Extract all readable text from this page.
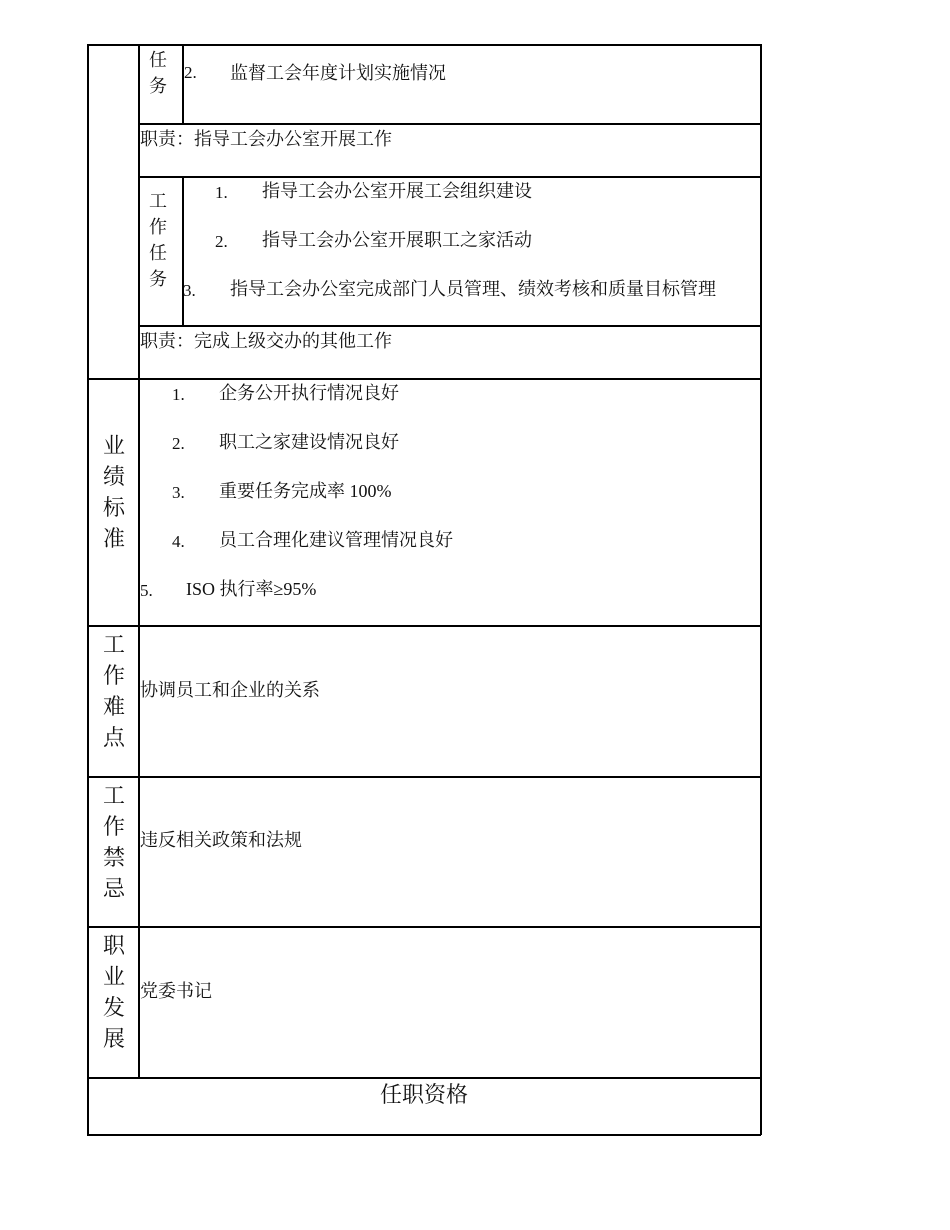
任务
2. 监督工会年度计划实施情况
职责：指导工会办公室开展工作
工作任务
1. 指导工会办公室开展工会组织建设
2. 指导工会办公室开展职工之家活动
3. 指导工会办公室完成部门人员管理、绩效考核和质量目标管理
职责：完成上级交办的其他工作
业绩标准
1. 企务公开执行情况良好
2. 职工之家建设情况良好
3. 重要任务完成率 100%
4. 员工合理化建议管理情况良好
5. ISO 执行率≥95%
工作难点
协调员工和企业的关系
工作禁忌
违反相关政策和法规
职业发展
党委书记
任职资格
